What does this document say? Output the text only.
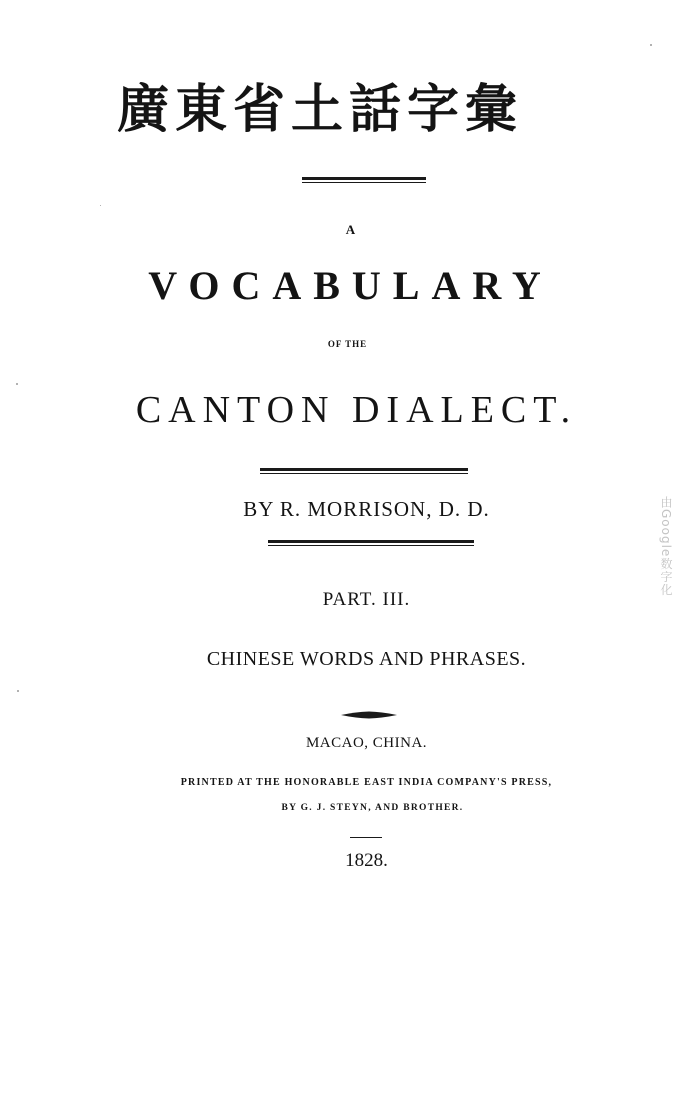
廣東省土話字彙
A
VOCABULARY
OF THE
CANTON DIALECT.
BY R. MORRISON, D. D.
PART. III.
CHINESE WORDS AND PHRASES.
MACAO, CHINA.
PRINTED AT THE HONORABLE EAST INDIA COMPANY'S PRESS,
BY G. J. STEYN, AND BROTHER.
1828.
由Google数字化
